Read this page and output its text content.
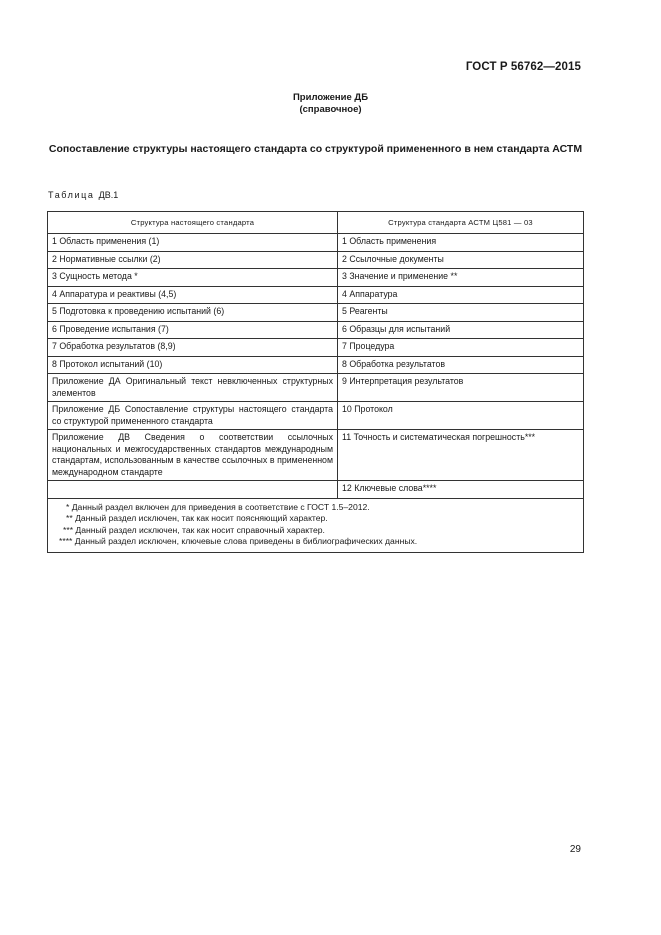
ГОСТ Р 56762—2015
Приложение ДБ
(справочное)
Сопоставление структуры настоящего стандарта со структурой примененного в нем стандарта АСТМ
Таблица ДВ.1
Структура настоящего стандарта	Структура стандарта АСТМ Ц581 — 03
1 Область применения (1)	1 Область применения
2 Нормативные ссылки (2)	2 Ссылочные документы
3 Сущность метода *	3 Значение и применение **
4 Аппаратура и реактивы (4,5)	4 Аппаратура
5 Подготовка к проведению испытаний (6)	5 Реагенты
6 Проведение испытания (7)	6 Образцы для испытаний
7 Обработка результатов (8,9)	7 Процедура
8 Протокол испытаний (10)	8 Обработка результатов
Приложение ДА Оригинальный текст невключенных структурных элементов	9 Интерпретация результатов
Приложение ДБ Сопоставление структуры настоящего стандарта со структурой примененного стандарта	10 Протокол
Приложение ДВ Сведения о соответствии ссылочных национальных и межгосударственных стандартов международным стандартам, использованным в качестве ссылочных в примененном международном стандарте	11 Точность и систематическая погрешность***
	12 Ключевые слова****

* Данный раздел включен для приведения в соответствие с ГОСТ 1.5–2012.
** Данный раздел исключен, так как носит поясняющий характер.
*** Данный раздел исключен, так как носит справочный характер.
**** Данный раздел исключен, ключевые слова приведены в библиографических данных.	
29
